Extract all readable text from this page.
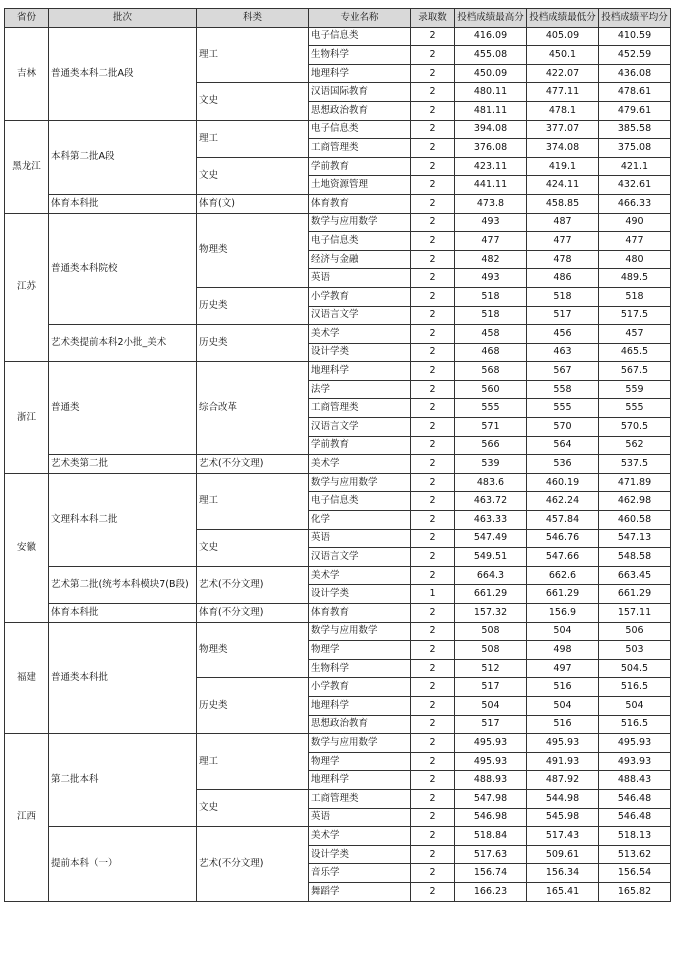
省份	批次	科类	专业名称	录取数	投档成绩最高分	投档成绩最低分	投档成绩平均分
吉林	普通类本科二批A段	理工	电子信息类	2	416.09	405.09	410.59
			生物科学	2	455.08	450.1	452.59
			地理科学	2	450.09	422.07	436.08
		文史	汉语国际教育	2	480.11	477.11	478.61
			思想政治教育	2	481.11	478.1	479.61
黑龙江	本科第二批A段	理工	电子信息类	2	394.08	377.07	385.58
			工商管理类	2	376.08	374.08	375.08
		文史	学前教育	2	423.11	419.1	421.1
			土地资源管理	2	441.11	424.11	432.61
	体育本科批	体育(文)	体育教育	2	473.8	458.85	466.33
江苏	普通类本科院校	物理类	数学与应用数学	2	493	487	490
			电子信息类	2	477	477	477
			经济与金融	2	482	478	480
			英语	2	493	486	489.5
		历史类	小学教育	2	518	518	518
			汉语言文学	2	518	517	517.5
	艺术类提前本科2小批_美术	历史类	美术学	2	458	456	457
			设计学类	2	468	463	465.5
浙江	普通类	综合改革	地理科学	2	568	567	567.5
			法学	2	560	558	559
			工商管理类	2	555	555	555
			汉语言文学	2	571	570	570.5
			学前教育	2	566	564	562
	艺术类第二批	艺术(不分文理)	美术学	2	539	536	537.5
安徽	文理科本科二批	理工	数学与应用数学	2	483.6	460.19	471.89
			电子信息类	2	463.72	462.24	462.98
			化学	2	463.33	457.84	460.58
		文史	英语	2	547.49	546.76	547.13
			汉语言文学	2	549.51	547.66	548.58
	艺术第二批(统考本科模块7(B段)	艺术(不分文理)	美术学	2	664.3	662.6	663.45
			设计学类	1	661.29	661.29	661.29
	体育本科批	体育(不分文理)	体育教育	2	157.32	156.9	157.11
福建	普通类本科批	物理类	数学与应用数学	2	508	504	506
			物理学	2	508	498	503
			生物科学	2	512	497	504.5
		历史类	小学教育	2	517	516	516.5
			地理科学	2	504	504	504
			思想政治教育	2	517	516	516.5
江西	第二批本科	理工	数学与应用数学	2	495.93	495.93	495.93
			物理学	2	495.93	491.93	493.93
			地理科学	2	488.93	487.92	488.43
		文史	工商管理类	2	547.98	544.98	546.48
			英语	2	546.98	545.98	546.48
	提前本科（一）	艺术(不分文理)	美术学	2	518.84	517.43	518.13
			设计学类	2	517.63	509.61	513.62
			音乐学	2	156.74	156.34	156.54
			舞蹈学	2	166.23	165.41	165.82
